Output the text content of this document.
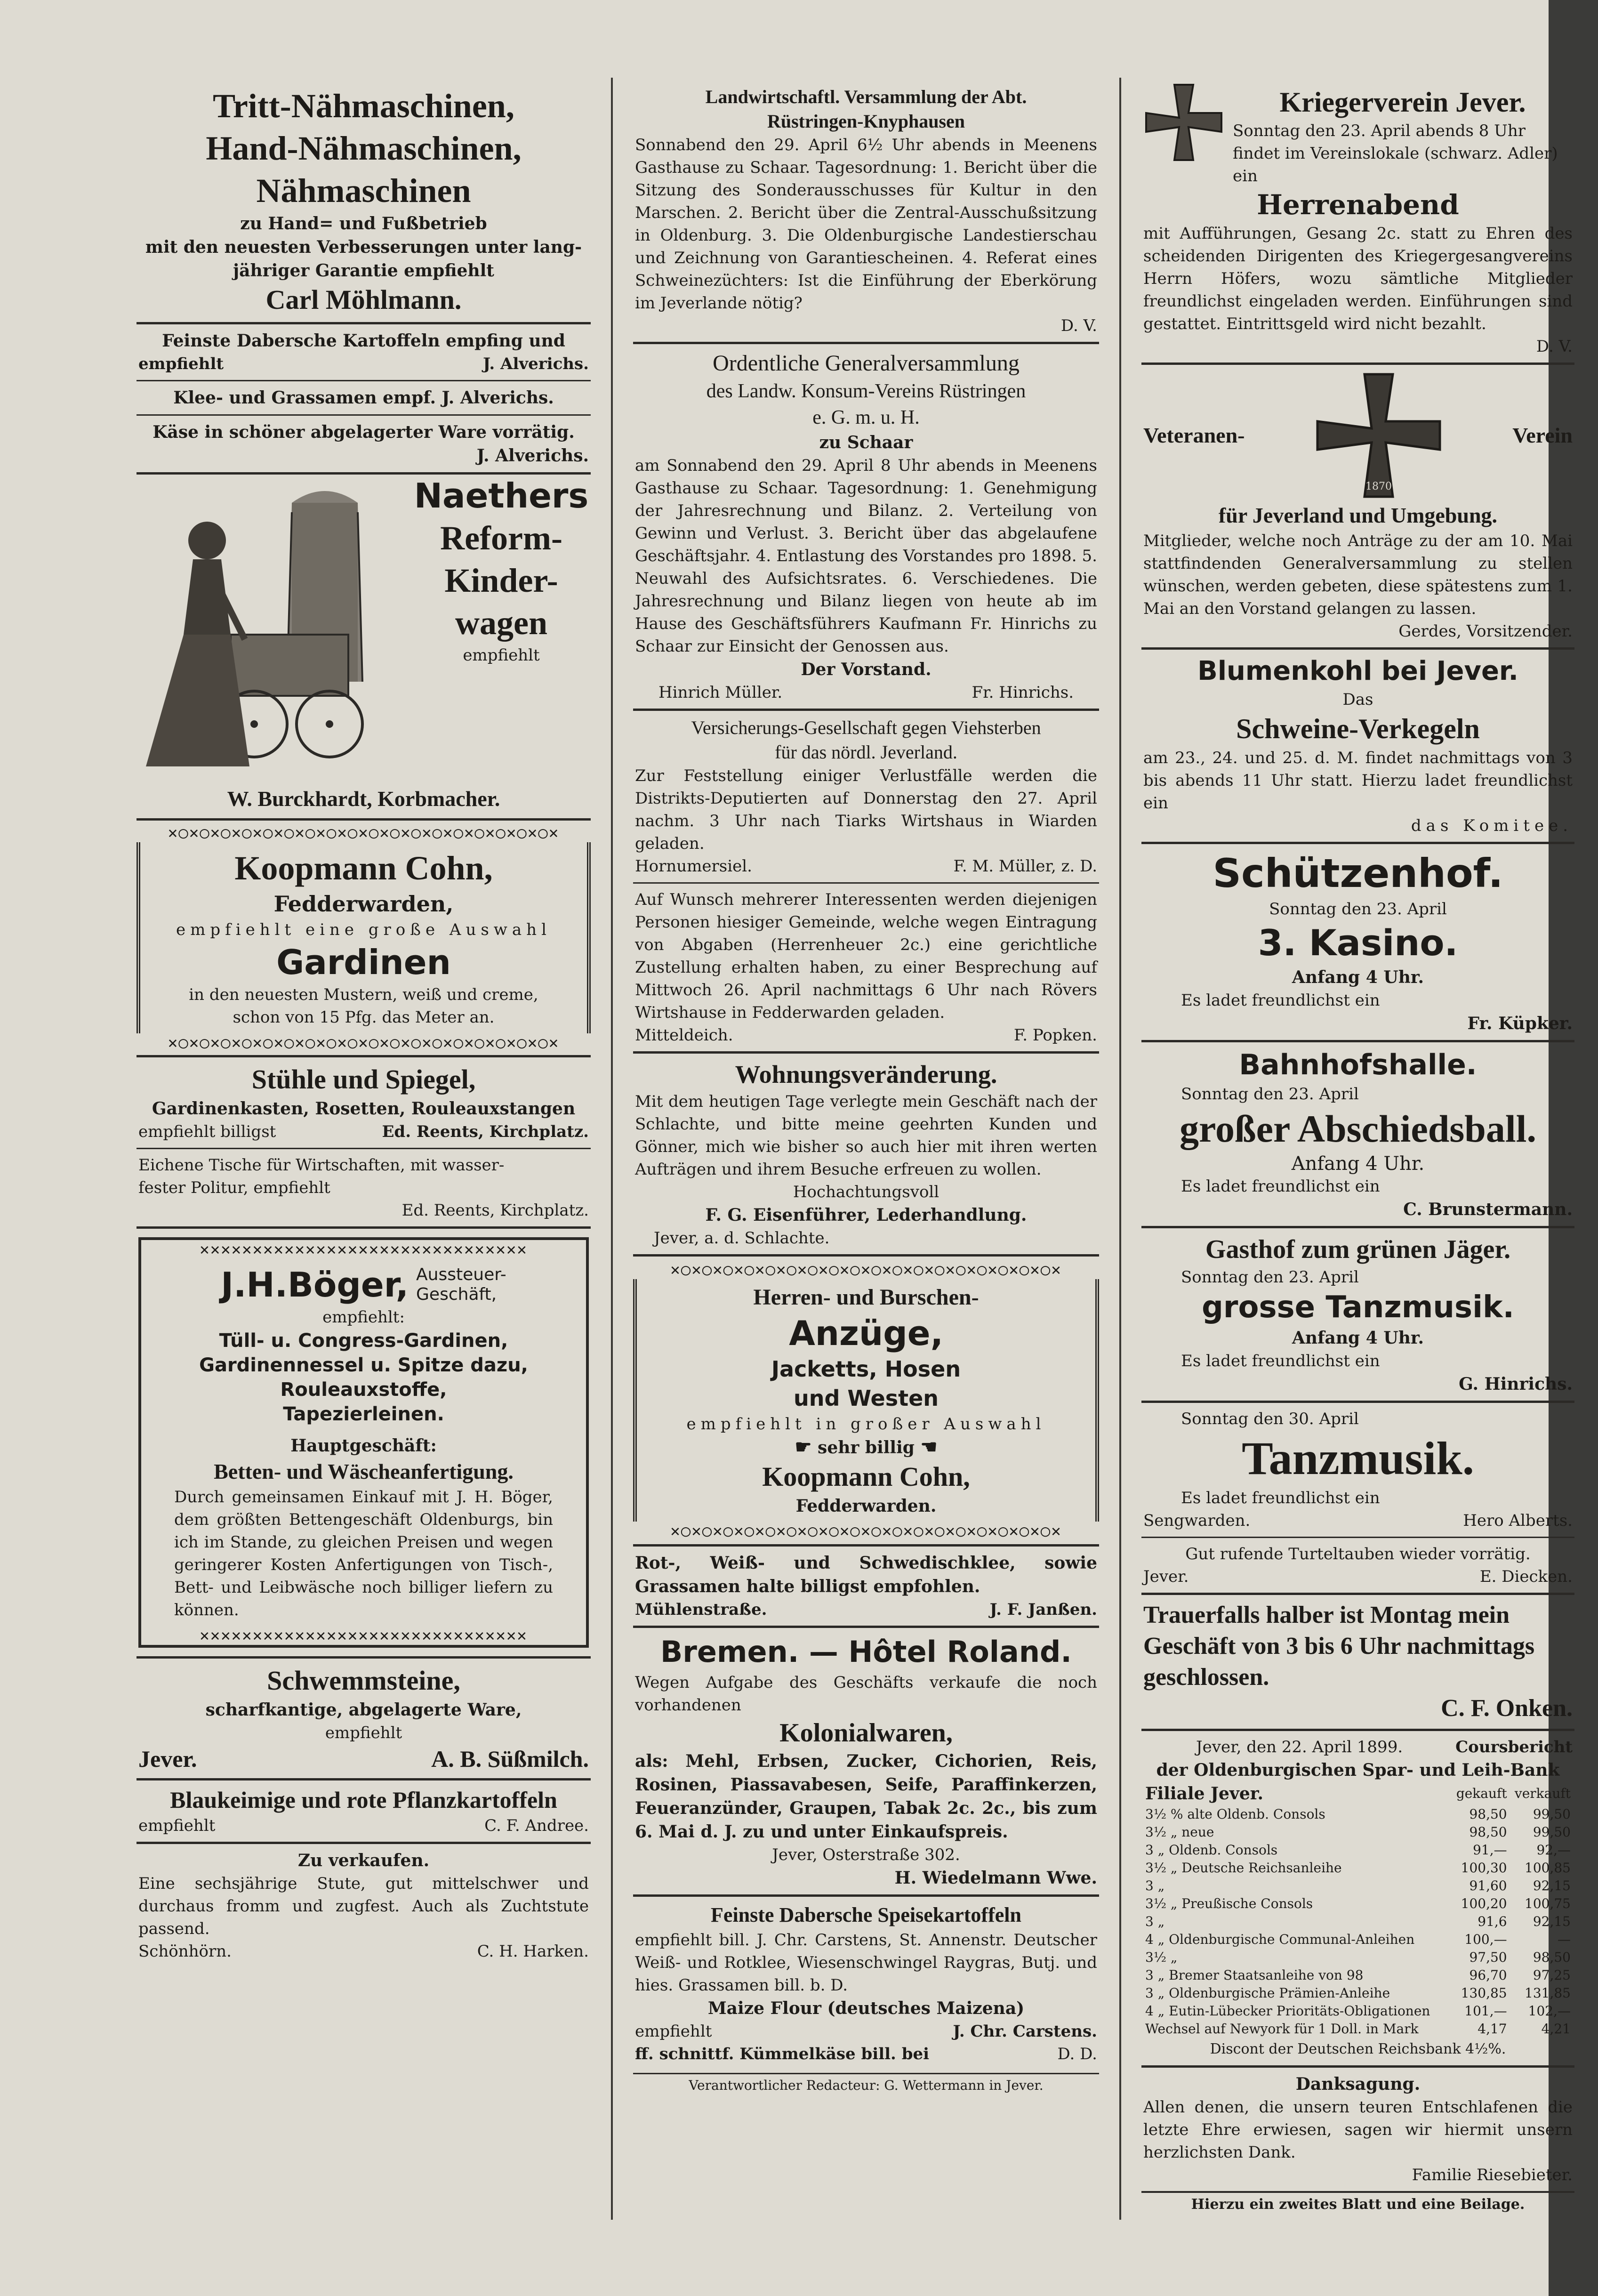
Tritt-Nähmaschinen,
Hand-Nähmaschinen,
Nähmaschinen
zu Hand= und Fußbetrieb
mit den neuesten Verbesserungen unter lang-
jähriger Garantie empfiehlt
Carl Möhlmann.
Feinste Dabersche Kartoffeln empfing und
empfiehlt	J. Alverichs.
Klee- und Grassamen empf. J. Alverichs.
Käse in schöner abgelagerter Ware vorrätig.
J. Alverichs.
Naethers
Reform-
Kinder-
wagen
empfiehlt
W. Burckhardt, Korbmacher.
✕○✕○✕○✕○✕○✕○✕○✕○✕○✕○✕○✕○✕○✕○✕○✕○✕○✕○✕
Koopmann Cohn,
Fedderwarden,
empfiehlt eine große Auswahl
Gardinen
in den neuesten Mustern, weiß und creme,
schon von 15 Pfg. das Meter an.
✕○✕○✕○✕○✕○✕○✕○✕○✕○✕○✕○✕○✕○✕○✕○✕○✕○✕○✕
Stühle und Spiegel,
Gardinenkasten, Rosetten, Rouleauxstangen
empfiehlt billigst	Ed. Reents, Kirchplatz.
Eichene Tische für Wirtschaften, mit wasser-
fester Politur, empfiehlt
Ed. Reents, Kirchplatz.
✕✕✕✕✕✕✕✕✕✕✕✕✕✕✕✕✕✕✕✕✕✕✕✕✕✕✕✕✕✕✕
J.H.Böger, Aussteuer-
Geschäft,
empfiehlt:
Tüll- u. Congress-Gardinen,
Gardinennessel u. Spitze dazu,
Rouleauxstoffe,
Tapezierleinen.
Hauptgeschäft:
Betten- und Wäscheanfertigung.
Durch gemeinsamen Einkauf mit J. H. Böger, dem größten Bettengeschäft Oldenburgs, bin ich im Stande, zu gleichen Preisen und wegen geringerer Kosten Anfertigungen von Tisch-, Bett- und Leibwäsche noch billiger liefern zu können.
✕✕✕✕✕✕✕✕✕✕✕✕✕✕✕✕✕✕✕✕✕✕✕✕✕✕✕✕✕✕✕
Schwemmsteine,
scharfkantige, abgelagerte Ware,
empfiehlt
Jever.	A. B. Süßmilch.
Blaukeimige und rote Pflanzkartoffeln
empfiehlt	C. F. Andree.
Zu verkaufen.
Eine sechsjährige Stute, gut mittelschwer und durchaus fromm und zugfest. Auch als Zuchtstute passend.
Schönhörn.	C. H. Harken.
Landwirtschaftl. Versammlung der Abt.
Rüstringen-Knyphausen
Sonnabend den 29. April 6½ Uhr abends in Meenens Gasthause zu Schaar. Tagesordnung: 1. Bericht über die Sitzung des Sonderausschusses für Kultur in den Marschen. 2. Bericht über die Zentral-Ausschußsitzung in Oldenburg. 3. Die Oldenburgische Landestierschau und Zeichnung von Garantiescheinen. 4. Referat eines Schweinezüchters: Ist die Einführung der Eberkörung im Jeverlande nötig?
D. V.
Ordentliche Generalversammlung
des Landw. Konsum-Vereins Rüstringen
e. G. m. u. H.
zu Schaar
am Sonnabend den 29. April 8 Uhr abends in Meenens Gasthause zu Schaar. Tagesordnung: 1. Genehmigung der Jahresrechnung und Bilanz. 2. Verteilung von Gewinn und Verlust. 3. Bericht über das abgelaufene Geschäftsjahr. 4. Entlastung des Vorstandes pro 1898. 5. Neuwahl des Aufsichtsrates. 6. Verschiedenes. Die Jahresrechnung und Bilanz liegen von heute ab im Hause des Geschäftsführers Kaufmann Fr. Hinrichs zu Schaar zur Einsicht der Genossen aus.
Der Vorstand.
Hinrich Müller.	Fr. Hinrichs.
Versicherungs-Gesellschaft gegen Viehsterben
für das nördl. Jeverland.
Zur Feststellung einiger Verlustfälle werden die Distrikts-Deputierten auf Donnerstag den 27. April nachm. 3 Uhr nach Tiarks Wirtshaus in Wiarden geladen.
Hornumersiel.	F. M. Müller, z. D.
Auf Wunsch mehrerer Interessenten werden diejenigen Personen hiesiger Gemeinde, welche wegen Eintragung von Abgaben (Herrenheuer 2c.) eine gerichtliche Zustellung erhalten haben, zu einer Besprechung auf Mittwoch 26. April nachmittags 6 Uhr nach Rövers Wirtshause in Fedderwarden geladen.
Mitteldeich.	F. Popken.
Wohnungsveränderung.
Mit dem heutigen Tage verlegte mein Geschäft nach der Schlachte, und bitte meine geehrten Kunden und Gönner, mich wie bisher so auch hier mit ihren werten Aufträgen und ihrem Besuche erfreuen zu wollen.
Hochachtungsvoll
F. G. Eisenführer, Lederhandlung.
Jever, a. d. Schlachte.
✕○✕○✕○✕○✕○✕○✕○✕○✕○✕○✕○✕○✕○✕○✕○✕○✕○✕○✕
Herren- und Burschen-
Anzüge,
Jacketts, Hosen
und Westen
empfiehlt in großer Auswahl
☛ sehr billig ☚
Koopmann Cohn,
Fedderwarden.
✕○✕○✕○✕○✕○✕○✕○✕○✕○✕○✕○✕○✕○✕○✕○✕○✕○✕○✕
Rot-, Weiß- und Schwedischklee, sowie Grassamen halte billigst empfohlen.
Mühlenstraße.	J. F. Janßen.
Bremen. — Hôtel Roland.
Wegen Aufgabe des Geschäfts verkaufe die noch vorhandenen
Kolonialwaren,
als: Mehl, Erbsen, Zucker, Cichorien, Reis, Rosinen, Piassavabesen, Seife, Paraffinkerzen, Feueranzünder, Graupen, Tabak 2c. 2c., bis zum 6. Mai d. J. zu und unter Einkaufspreis.
Jever, Osterstraße 302.
H. Wiedelmann Wwe.
Feinste Dabersche Speisekartoffeln
empfiehlt bill. J. Chr. Carstens, St. Annenstr. Deutscher Weiß- und Rotklee, Wiesenschwingel Raygras, Butj. und hies. Grassamen bill. b. D.
Maize Flour (deutsches Maizena)
empfiehlt	J. Chr. Carstens.
ff. schnittf. Kümmelkäse bill. bei	D. D.
Verantwortlicher Redacteur: G. Wettermann in Jever.
Kriegerverein Jever.
Sonntag den 23. April abends 8 Uhr findet im Vereinslokale (schwarz. Adler) ein
Herrenabend
mit Aufführungen, Gesang 2c. statt zu Ehren des scheidenden Dirigenten des Kriegergesangvereins Herrn Höfers, wozu sämtliche Mitglieder freundlichst eingeladen werden. Einführungen sind gestattet. Eintrittsgeld wird nicht bezahlt.
D. V.
Veteranen-
1870
Verein
für Jeverland und Umgebung.
Mitglieder, welche noch Anträge zu der am 10. Mai stattfindenden Generalversammlung zu stellen wünschen, werden gebeten, diese spätestens zum 1. Mai an den Vorstand gelangen zu lassen.
Gerdes, Vorsitzender.
Blumenkohl bei Jever.
Das
Schweine-Verkegeln
am 23., 24. und 25. d. M. findet nachmittags von 3 bis abends 11 Uhr statt. Hierzu ladet freundlichst ein
das Komitee.
Schützenhof.
Sonntag den 23. April
3. Kasino.
Anfang 4 Uhr.
Es ladet freundlichst ein
Fr. Küpker.
Bahnhofshalle.
Sonntag den 23. April
großer Abschiedsball.
Anfang 4 Uhr.
Es ladet freundlichst ein
C. Brunstermann.
Gasthof zum grünen Jäger.
Sonntag den 23. April
grosse Tanzmusik.
Anfang 4 Uhr.
Es ladet freundlichst ein
G. Hinrichs.
Sonntag den 30. April
Tanzmusik.
Es ladet freundlichst ein
Sengwarden.	Hero Alberts.
Gut rufende Turteltauben wieder vorrätig.
Jever.	E. Diecken.
Trauerfalls halber ist Montag mein Geschäft von 3 bis 6 Uhr nachmittags geschlossen.
C. F. Onken.
Jever, den 22. April 1899.	Coursbericht
der Oldenburgischen Spar- und Leih-Bank
Filiale Jever.	gekauft	verkauft
3½ % alte Oldenb. Consols	98,50	99,50
3½ „ neue	98,50	99,50
3 „ Oldenb. Consols	91,—	92,—
3½ „ Deutsche Reichsanleihe	100,30	100,85
3 „	91,60	92,15
3½ „ Preußische Consols	100,20	100,75
3 „	91,6	92,15
4 „ Oldenburgische Communal-Anleihen	100,—	—
3½ „	97,50	98,50
3 „ Bremer Staatsanleihe von 98	96,70	97,25
3 „ Oldenburgische Prämien-Anleihe	130,85	131,85
4 „ Eutin-Lübecker Prioritäts-Obligationen	101,—	102,—
Wechsel auf Newyork für 1 Doll. in Mark	4,17	4,21
Discont der Deutschen Reichsbank 4½%.
Danksagung.
Allen denen, die unsern teuren Entschlafenen die letzte Ehre erwiesen, sagen wir hiermit unsern herzlichsten Dank.
Familie Riesebieter.
Hierzu ein zweites Blatt und eine Beilage.
